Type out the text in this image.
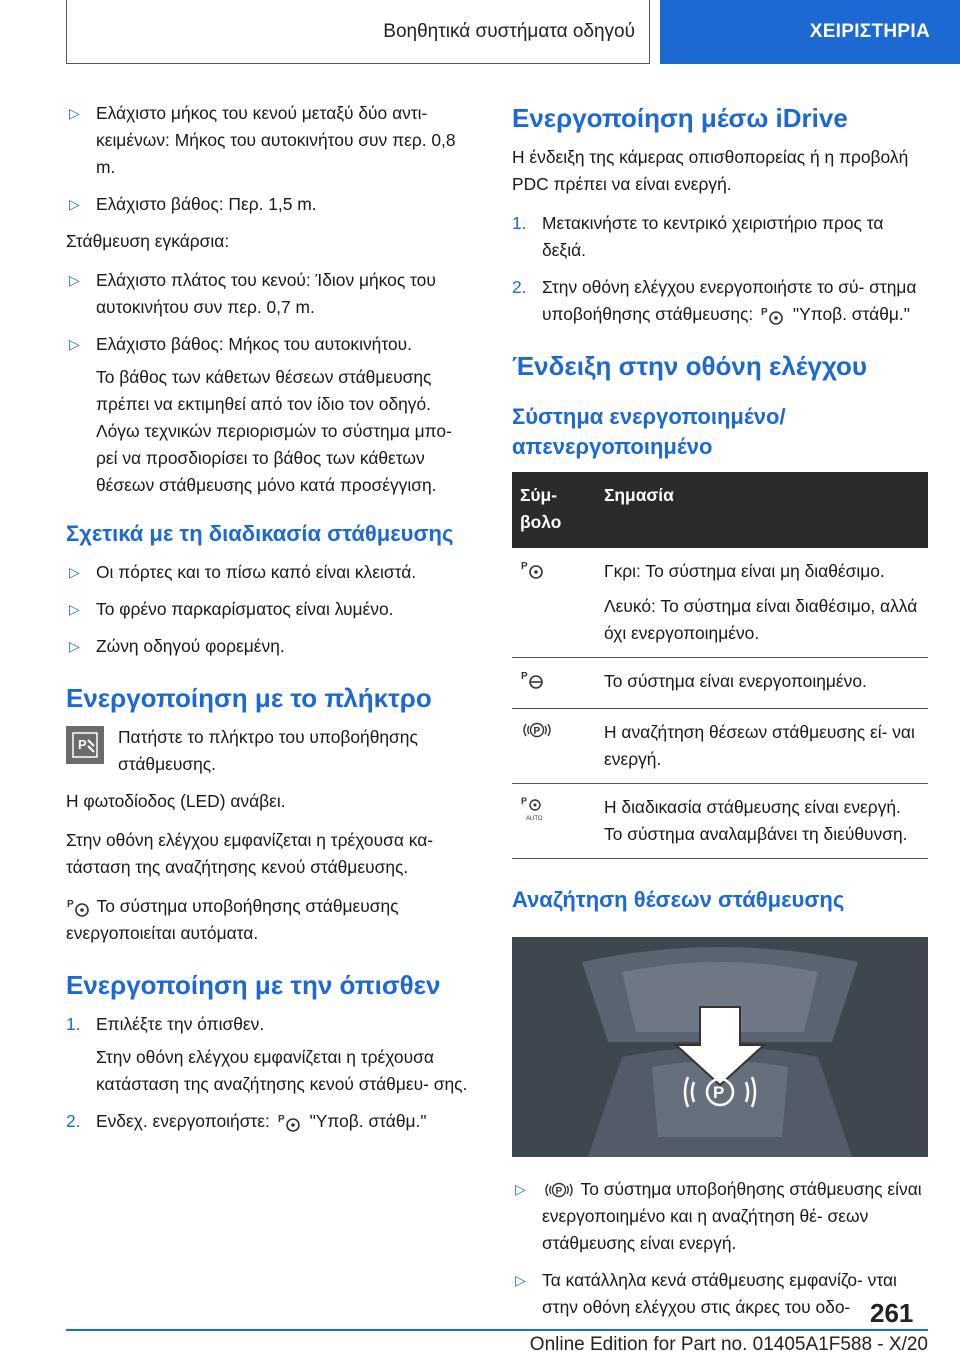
Βοηθητικά συστήματα οδηγού	ΧΕΙΡΙΣΤΗΡΙΑ
▷ Ελάχιστο μήκος του κενού μεταξύ δύο αντι‐ κειμένων: Μήκος του αυτοκινήτου συν περ. 0,8 m.
▷ Ελάχιστο βάθος: Περ. 1,5 m.

Στάθμευση εγκάρσια:

▷ Ελάχιστο πλάτος του κενού: Ίδιον μήκος του αυτοκινήτου συν περ. 0,7 m.
▷ Ελάχιστο βάθος: Μήκος του αυτοκινήτου.
Το βάθος των κάθετων θέσεων στάθμευσης πρέπει να εκτιμηθεί από τον ίδιο τον οδηγό. Λόγω τεχνικών περιορισμών το σύστημα μπο‐ ρεί να προσδιορίσει το βάθος των κάθετων θέσεων στάθμευσης μόνο κατά προσέγγιση.
Σχετικά με τη διαδικασία στάθμευσης
▷ Οι πόρτες και το πίσω καπό είναι κλειστά.
▷ Το φρένο παρκαρίσματος είναι λυμένο.
▷ Ζώνη οδηγού φορεμένη.
Ενεργοποίηση με το πλήκτρο
P Πατήστε το πλήκτρο του υποβοήθησης στάθμευσης.

Η φωτοδίοδος (LED) ανάβει.

Στην οθόνη ελέγχου εμφανίζεται η τρέχουσα κα‐ τάσταση της αναζήτησης κενού στάθμευσης.

P Το σύστημα υποβοήθησης στάθμευσης ενεργοποιείται αυτόματα.

Ενεργοποίηση με την όπισθεν
1. Επιλέξτε την όπισθεν.
Στην οθόνη ελέγχου εμφανίζεται η τρέχουσα κατάσταση της αναζήτησης κενού στάθμευ‐ σης.
2. Ενδεχ. ενεργοποιήστε: P "Υποβ. στάθμ."
Ενεργοποίηση μέσω iDrive

Η ένδειξη της κάμερας οπισθοπορείας ή η προβολή PDC πρέπει να είναι ενεργή.

1. Μετακινήστε το κεντρικό χειριστήριο προς τα δεξιά.
2. Στην οθόνη ελέγχου ενεργοποιήστε το σύ‐ στημα υποβοήθησης στάθμευσης: P "Υποβ. στάθμ."
Ένδειξη στην οθόνη ελέγχου
Σύστημα ενεργοποιημένο/ απενεργοποιημένο
Σύμ‐ βολο	Σημασία

P	Γκρι: Το σύστημα είναι μη διαθέσιμο.

Λευκό: Το σύστημα είναι διαθέσιμο, αλλά όχι ενεργοποιημένο.

P	Το σύστημα είναι ενεργοποιημένο.

P	Η αναζήτηση θέσεων στάθμευσης εί‐ ναι ενεργή.

P
AUTO	Η διαδικασία στάθμευσης είναι ενεργή. Το σύστημα αναλαμβάνει τη διεύθυνση.

Αναζήτηση θέσεων στάθμευσης
P
▷ P Το σύστημα υποβοήθησης στάθμευσης είναι ενεργοποιημένο και η αναζήτηση θέ‐ σεων στάθμευσης είναι ενεργή.
▷ Τα κατάλληλα κενά στάθμευσης εμφανίζο‐ νται στην οθόνη ελέγχου στις άκρες του οδο‐ 261
Online Edition for Part no. 01405A1F588 - X/20
